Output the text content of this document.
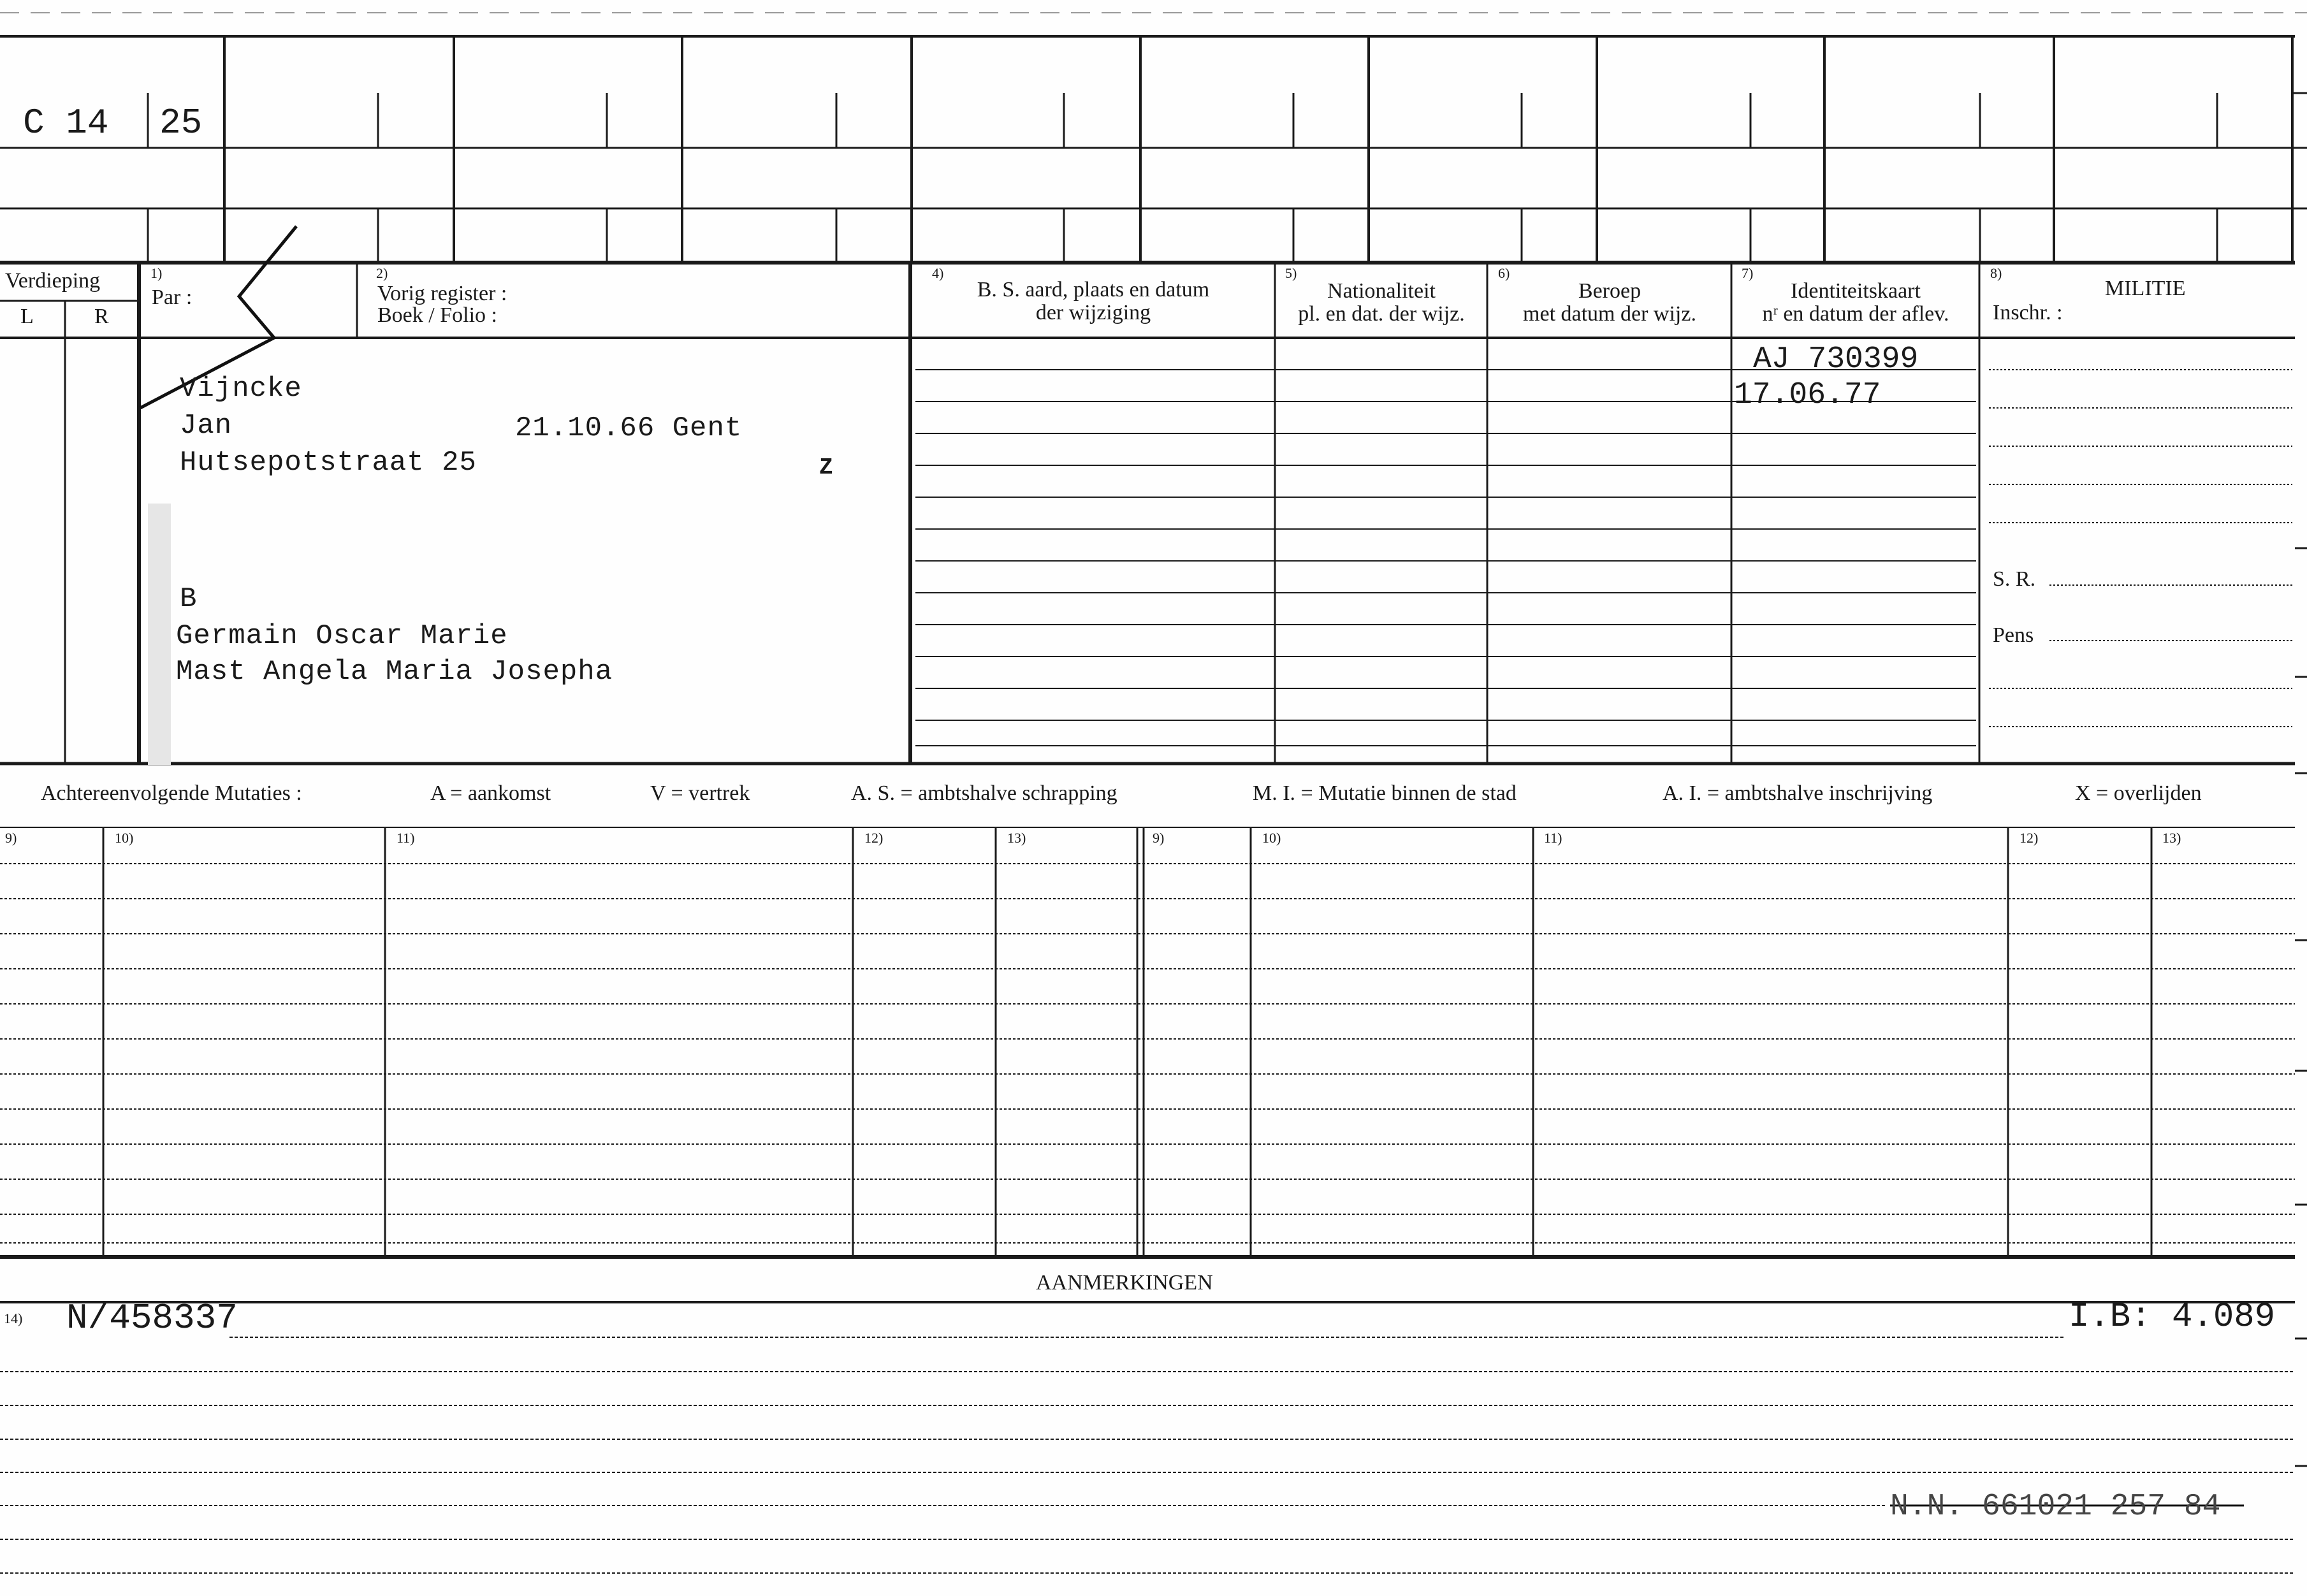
C 14 25
Verdieping
L	R
1)
Par :
2)
Vorig register :
Boek / Folio :
4)
B. S. aard, plaats en datum
der wijziging
5)
Nationaliteit
pl. en dat. der wijz.
6)
Beroep
met datum der wijz.
7)
Identiteitskaart
nʳ en datum der aflev.
8)
MILITIE
Inschr. :
S. R.
Pens
Vijncke
Jan
Hutsepotstraat 25
21.10.66 Gent
Z
B
Germain Oscar Marie
Mast Angela Maria Josepha
AJ 730399
17.06.77
Achtereenvolgende Mutaties :	A = aankomst	V = vertrek	A. S. = ambtshalve schrapping	M. I. = Mutatie binnen de stad	A. I. = ambtshalve inschrijving	X = overlijden
9)	10)	11)	12)	13)	9)	10)	11)	12)	13)
AANMERKINGEN
14) N/458337	I.B: 4.089
N.N. 661021 257 84
